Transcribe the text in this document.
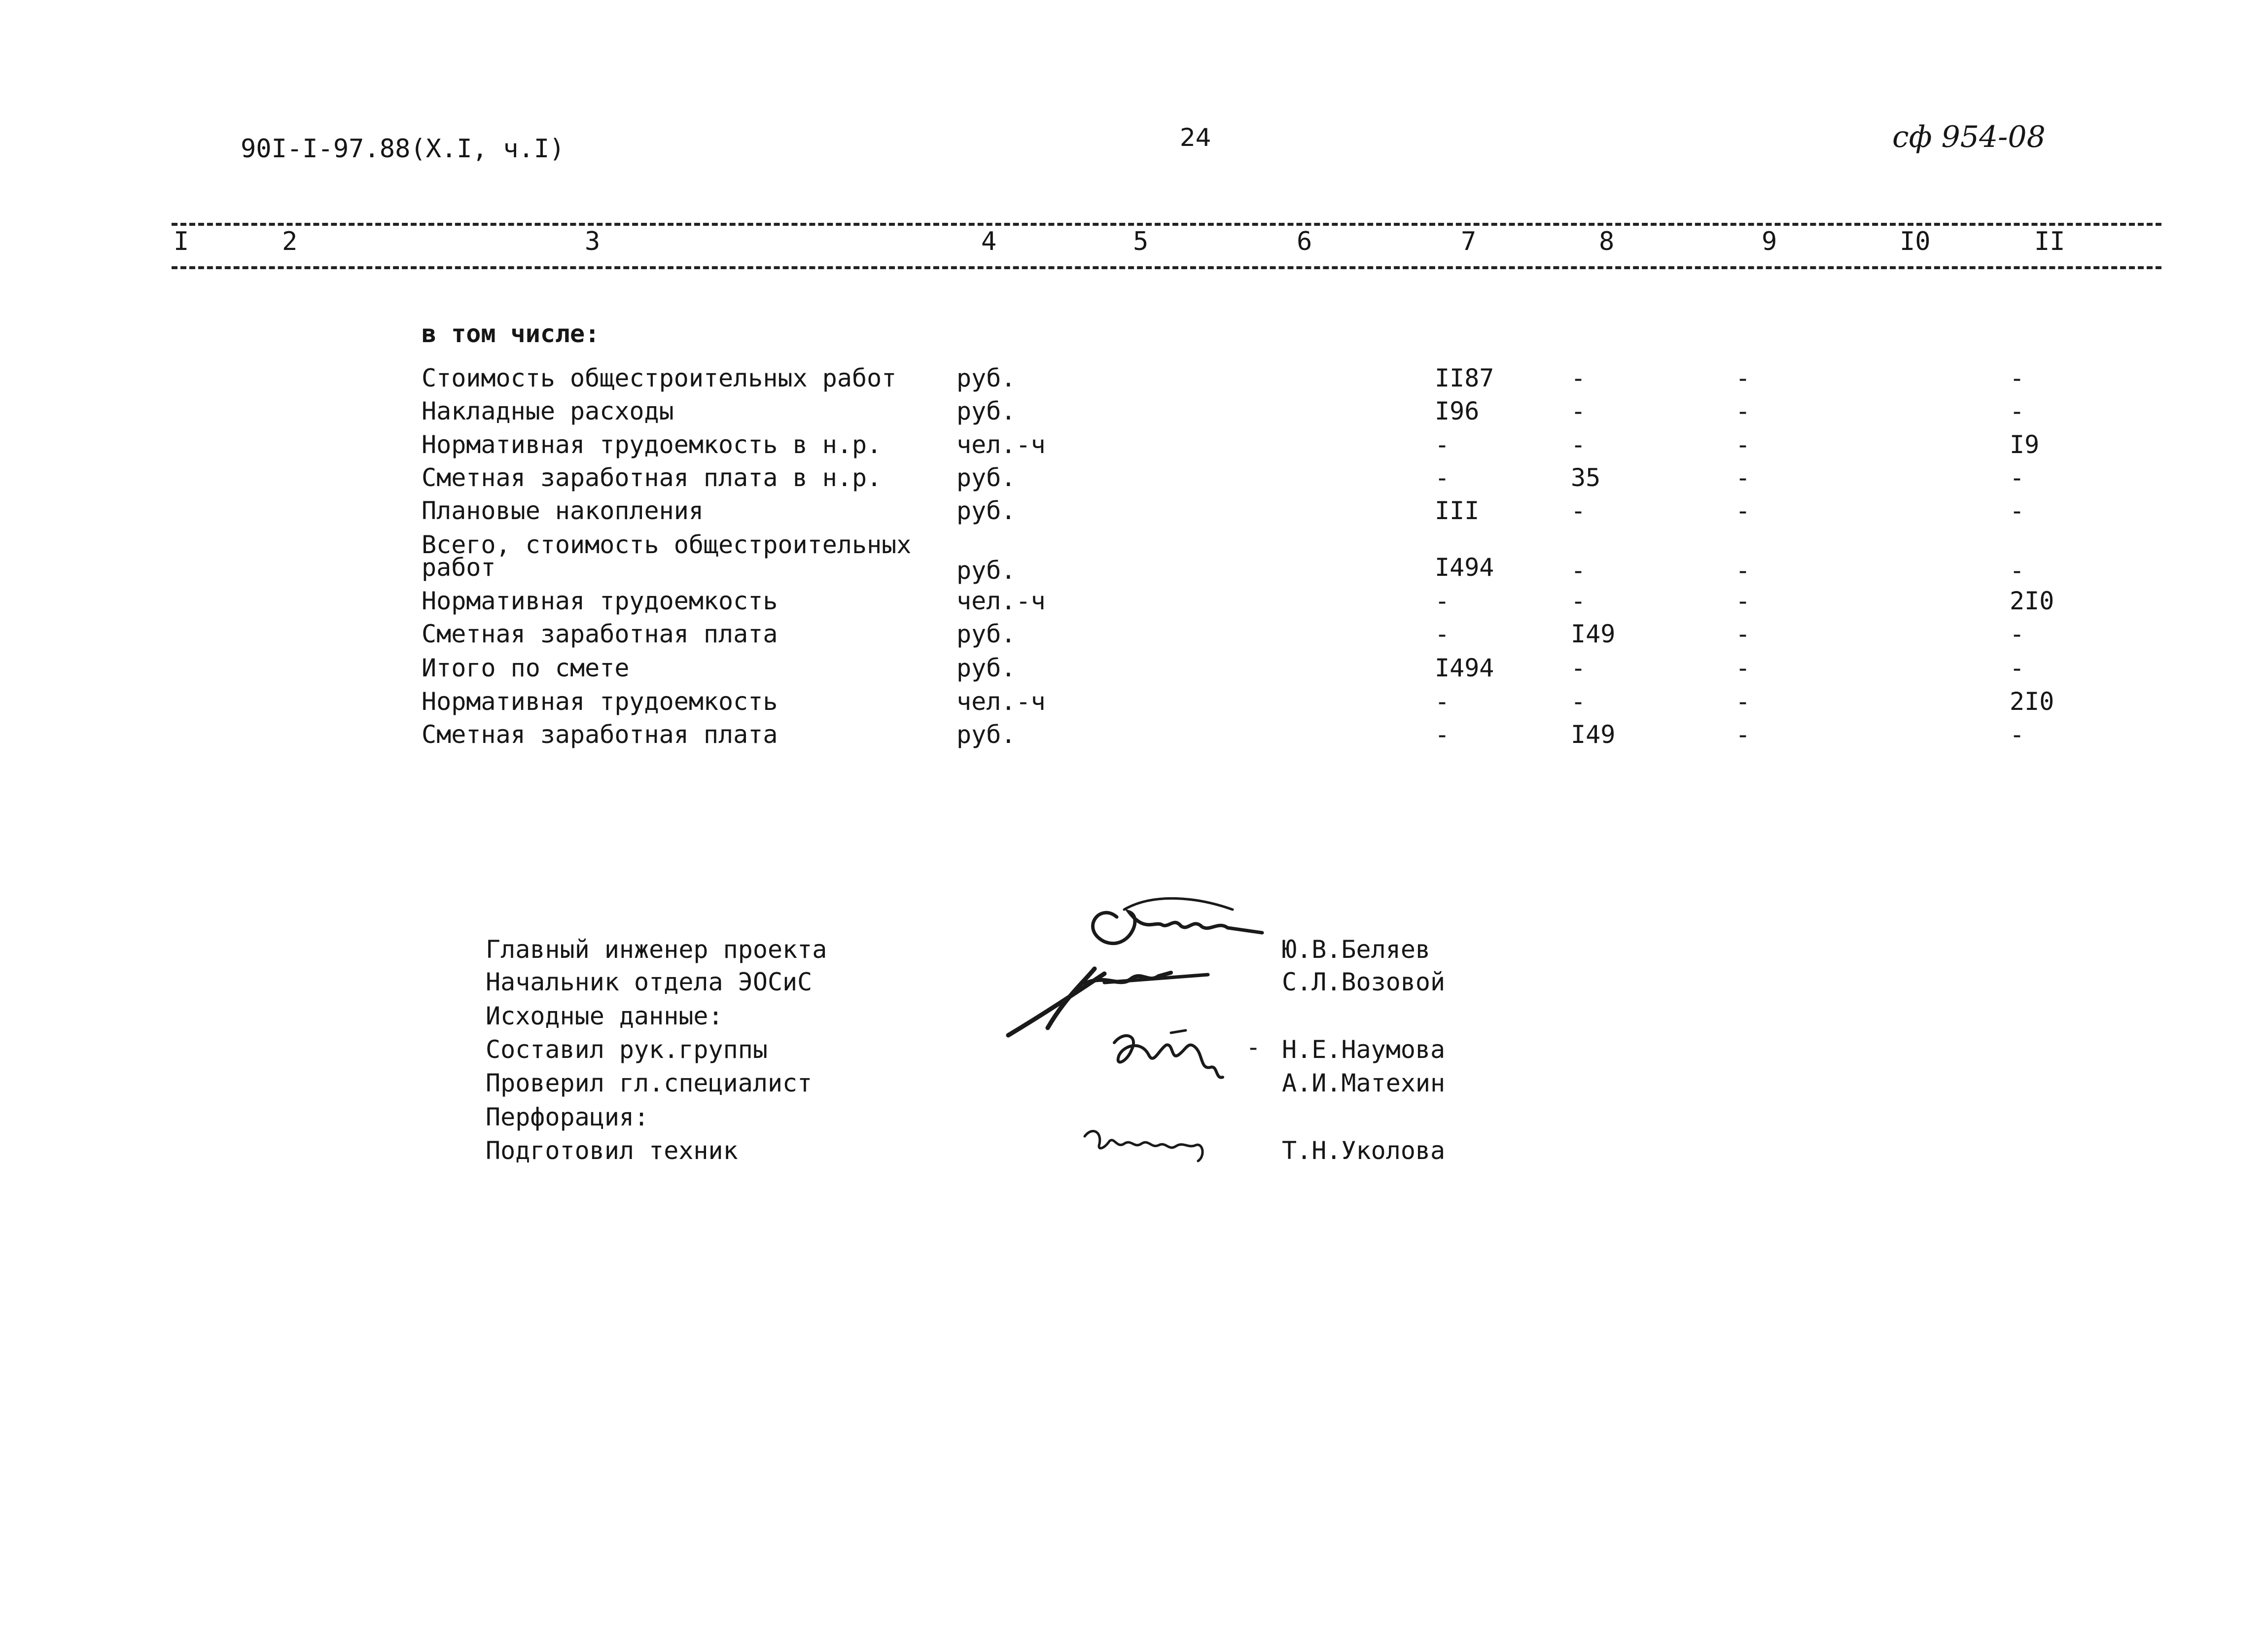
90I-I-97.88(X.I, ч.I)	24	сф 954-08
I	2	3	4	5	6	7	8	9	I0	II
в том числе:
Стоимость общестроительных работ руб.	II87	-	-	-
Накладные расходы	руб.	I96	-	-	-
Нормативная трудоемкость в н.р.	чел.-ч	-	-	-	I9
Сметная заработная плата в н.р.	руб.	-	35	-	-
Плановые накопления	руб.	III	-	-	-
Всего, стоимость общестроительных
работ	руб.	I494	-	-	-
Нормативная трудоемкость	чел.-ч	-	-	-	2I0
Сметная заработная плата	руб.	-	I49	-	-
Итого по смете	руб.	I494	-	-	-
Нормативная трудоемкость	чел.-ч	-	-	-	2I0
Сметная заработная плата	руб.	-	I49	-	-
Главный инженер проекта
Начальник отдела ЭОСиС
Исходные данные:
Составил рук.группы
Проверил гл.специалист
Перфорация:
Подготовил техник
Ю.В.Беляев
С.Л.Возовой
- Н.Е.Наумова
А.И.Матехин
Т.Н.Уколова
